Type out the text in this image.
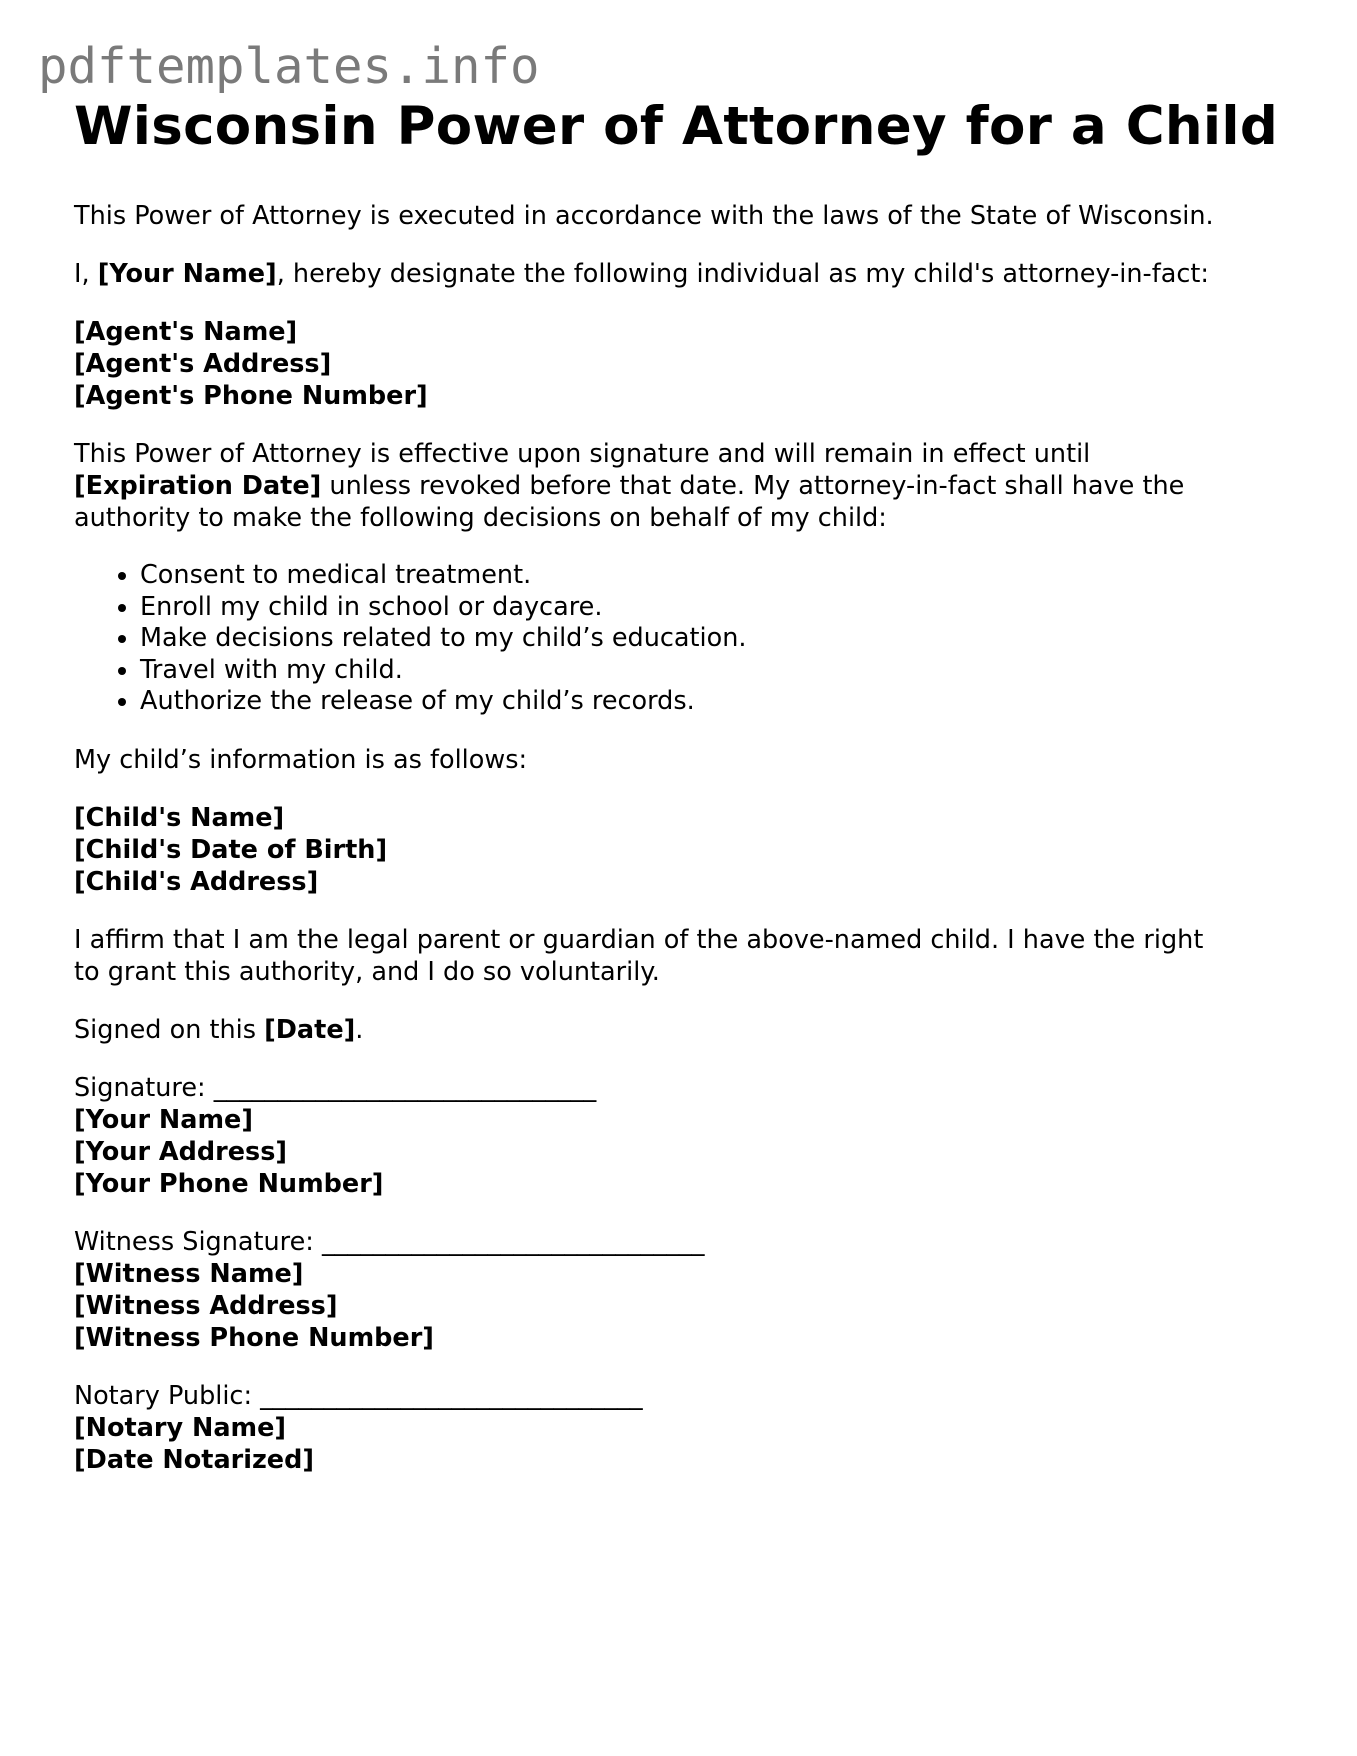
pdftemplates.info
Wisconsin Power of Attorney for a Child

This Power of Attorney is executed in accordance with the laws of the State of Wisconsin.

I, [Your Name], hereby designate the following individual as my child's attorney-in-fact:

[Agent's Name]
[Agent's Address]
[Agent's Phone Number]
This Power of Attorney is effective upon signature and will remain in effect until
[Expiration Date] unless revoked before that date. My attorney-in-fact shall have the
authority to make the following decisions on behalf of my child:
• Consent to medical treatment.
• Enroll my child in school or daycare.
• Make decisions related to my child’s education.
• Travel with my child.
• Authorize the release of my child’s records.

My child’s information is as follows:

[Child's Name]
[Child's Date of Birth]
[Child's Address]
I affirm that I am the legal parent or guardian of the above-named child. I have the right
to grant this authority, and I do so voluntarily.

Signed on this [Date].

Signature: ______________________________
[Your Name]
[Your Address]
[Your Phone Number]
Witness Signature: ______________________________
[Witness Name]
[Witness Address]
[Witness Phone Number]
Notary Public: ______________________________
[Notary Name]
[Date Notarized]
